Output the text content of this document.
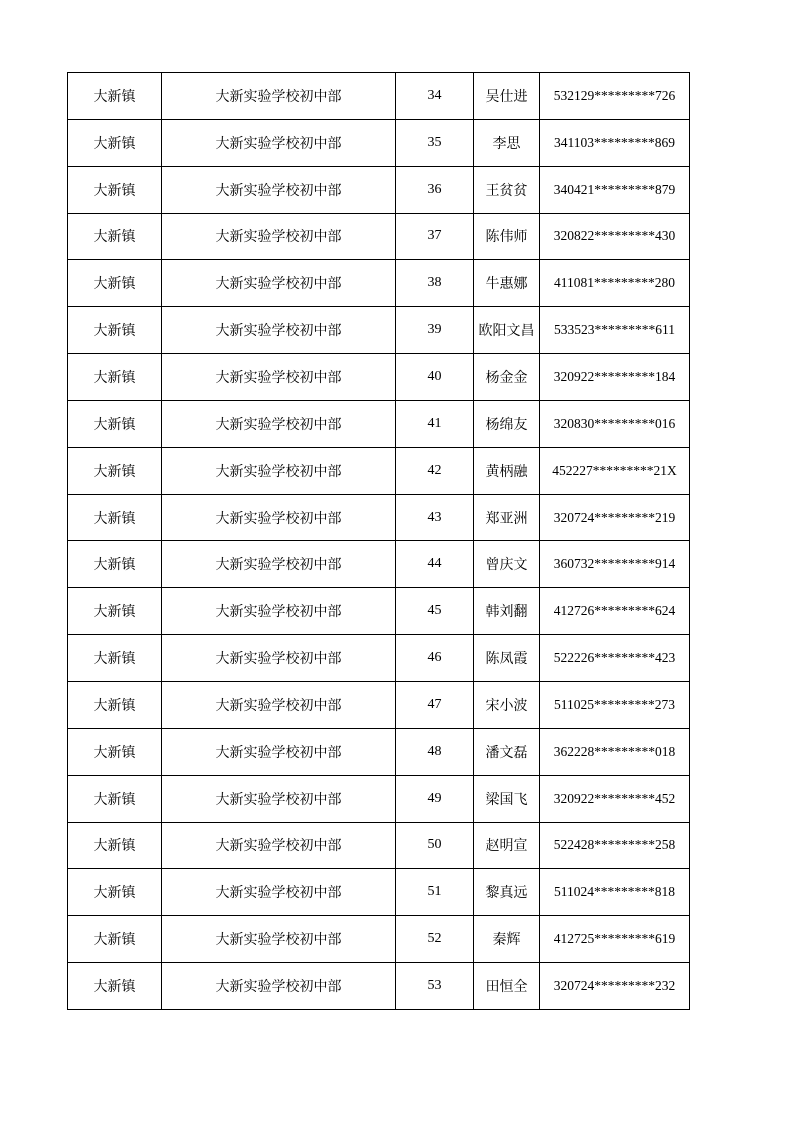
大新镇	大新实验学校初中部	34	吴仕进	532129*********726
大新镇	大新实验学校初中部	35	李思	341103*********869
大新镇	大新实验学校初中部	36	王贫贫	340421*********879
大新镇	大新实验学校初中部	37	陈伟师	320822*********430
大新镇	大新实验学校初中部	38	牛惠娜	411081*********280
大新镇	大新实验学校初中部	39	欧阳文昌	533523*********611
大新镇	大新实验学校初中部	40	杨金金	320922*********184
大新镇	大新实验学校初中部	41	杨绵友	320830*********016
大新镇	大新实验学校初中部	42	黄柄融	452227*********21X
大新镇	大新实验学校初中部	43	郑亚洲	320724*********219
大新镇	大新实验学校初中部	44	曾庆文	360732*********914
大新镇	大新实验学校初中部	45	韩刘翻	412726*********624
大新镇	大新实验学校初中部	46	陈凤霞	522226*********423
大新镇	大新实验学校初中部	47	宋小波	511025*********273
大新镇	大新实验学校初中部	48	潘文磊	362228*********018
大新镇	大新实验学校初中部	49	梁国飞	320922*********452
大新镇	大新实验学校初中部	50	赵明宣	522428*********258
大新镇	大新实验学校初中部	51	黎真远	511024*********818
大新镇	大新实验学校初中部	52	秦辉	412725*********619
大新镇	大新实验学校初中部	53	田恒全	320724*********232
